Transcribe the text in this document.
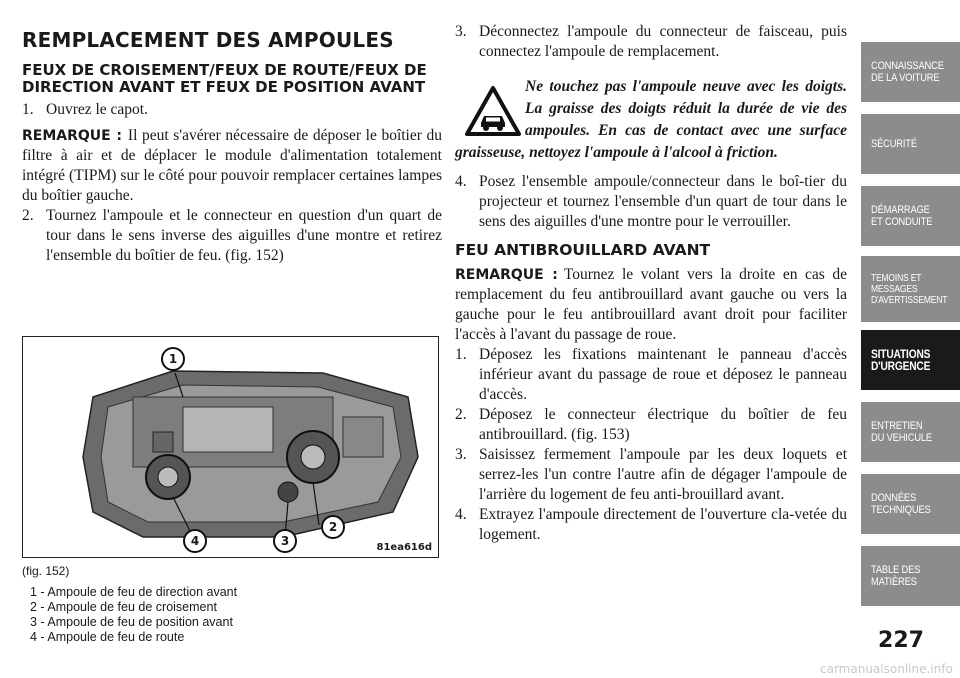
REMPLACEMENT DES AMPOULES
FEUX DE CROISEMENT/FEUX DE ROUTE/FEUX DE DIRECTION AVANT ET FEUX DE POSITION AVANT
1. Ouvrez le capot.

REMARQUE : Il peut s'avérer nécessaire de déposer le boîtier du filtre à air et de déplacer le module d'alimentation totalement intégré (TIPM) sur le côté pour pouvoir remplacer certaines lampes du boîtier gauche.

2. Tournez l'ampoule et le connecteur en question d'un quart de tour dans le sens inverse des aiguilles d'une montre et retirez l'ensemble du boîtier de feu. (fig. 152)
1
2
3
4	81ea616d
(fig. 152)
1 - Ampoule de feu de direction avant
2 - Ampoule de feu de croisement
3 - Ampoule de feu de position avant
4 - Ampoule de feu de route
3. Déconnectez l'ampoule du connecteur de faisceau, puis connectez l'ampoule de remplacement.
Ne touchez pas l'ampoule neuve avec les doigts. La graisse des doigts réduit la durée de vie des ampoules. En cas de contact avec une surface graisseuse, nettoyez l'ampoule à l'alcool à friction.
4. Posez l'ensemble ampoule/connecteur dans le boî-tier du projecteur et tournez l'ensemble d'un quart de tour dans le sens des aiguilles d'une montre pour le verrouiller.
FEU ANTIBROUILLARD AVANT

REMARQUE : Tournez le volant vers la droite en cas de remplacement du feu antibrouillard avant gauche ou vers la gauche pour le feu antibrouillard avant droit pour faciliter l'accès à l'avant du passage de roue.

1. Déposez les fixations maintenant le panneau d'accès inférieur avant du passage de roue et déposez le panneau d'accès.
2. Déposez le connecteur électrique du boîtier de feu antibrouillard. (fig. 153)
3. Saisissez fermement l'ampoule par les deux loquets et serrez-les l'un contre l'autre afin de dégager l'ampoule de l'arrière du logement de feu anti-brouillard avant.
4. Extrayez l'ampoule directement de l'ouverture cla-vetée du logement.
CONNAISSANCE
DE LA VOITURE
SÉCURITÉ
DÉMARRAGE
ET CONDUITE
TEMOINS ET
MESSAGES
D'AVERTISSEMENT
SITUATIONS
D'URGENCE
ENTRETIEN
DU VEHICULE
DONNÉES
TECHNIQUES
TABLE DES
MATIÈRES
227
carmanualsonline.info
